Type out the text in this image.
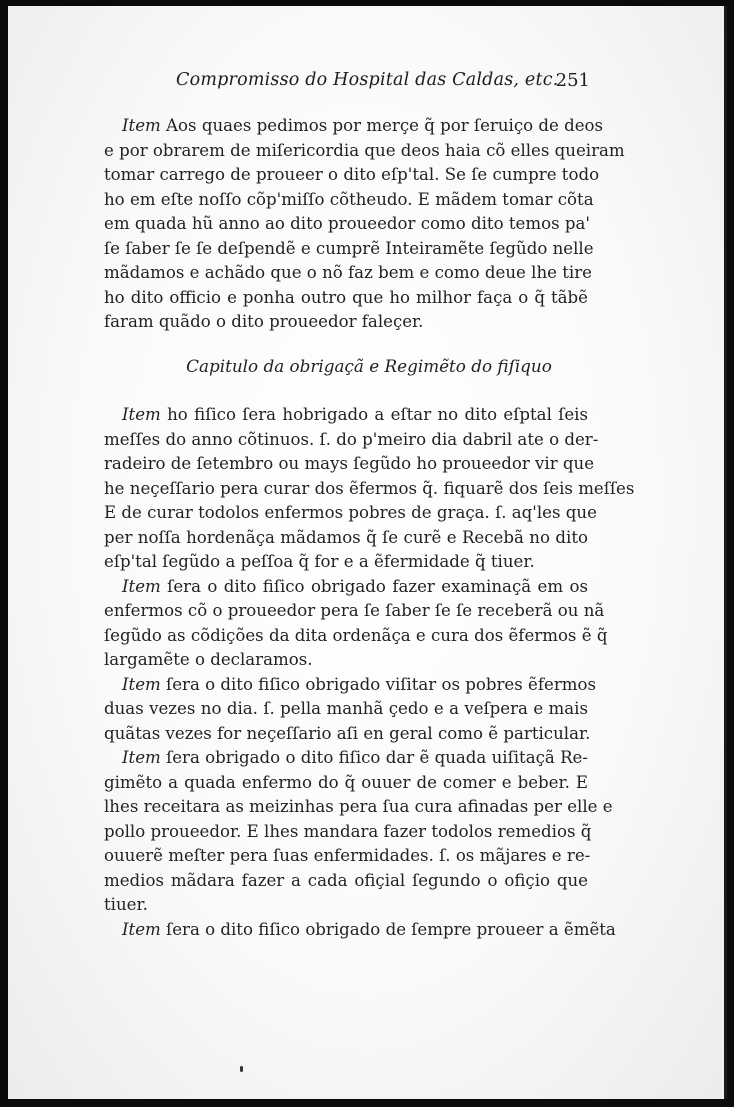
Compromisso do Hospital das Caldas, etc.
251
Item Aos quaes pedimos por merçe q̃ por ſeruiço de deos
e por obrarem de miſericordia que deos haia cõ elles queiram
tomar carrego de proueer o dito eſp'tal. Se ſe cumpre todo
ho em eſte noſſo cõp'miſſo cõtheudo. E mãdem tomar cõta
em quada hũ anno ao dito proueedor como dito temos pa'
ſe ſaber ſe ſe deſpendẽ e cumprẽ Inteiramẽte ſegũdo nelle
mãdamos e achãdo que o nõ faz bem e como deue lhe tire
ho dito officio e ponha outro que ho milhor faça o q̃ tãbẽ
faram quãdo o dito proueedor faleçer.
Capitulo da obrigaçã e Regimẽto do fiſiquo
Item ho fiſico ſera hobrigado a eſtar no dito eſptal ſeis
meſſes do anno cõtinuos. ſ. do p'meiro dia dabril ate o der-
radeiro de ſetembro ou mays ſegũdo ho proueedor vir que
he neçeſſario pera curar dos ẽfermos q̃. fiquarẽ dos ſeis meſſes
E de curar todolos enfermos pobres de graça. ſ. aq'les que
per noſſa hordenãça mãdamos q̃ ſe curẽ e Recebã no dito
eſp'tal ſegũdo a peſſoa q̃ for e a ẽfermidade q̃ tiuer.
Item ſera o dito fiſico obrigado fazer examinaçã em os
enfermos cõ o proueedor pera ſe ſaber ſe ſe receberã ou nã
ſegũdo as cõdições da dita ordenãça e cura dos ẽfermos ẽ q̃
largamẽte o declaramos.
Item ſera o dito fiſico obrigado viſitar os pobres ẽfermos
duas vezes no dia. ſ. pella manhã çedo e a veſpera e mais
quãtas vezes for neçeſſario aſi en geral como ẽ particular.
Item ſera obrigado o dito fiſico dar ẽ quada uiſitaçã Re-
gimẽto a quada enfermo do q̃ ouuer de comer e beber. E
lhes receitara as meizinhas pera ſua cura afinadas per elle e
pollo proueedor. E lhes mandara fazer todolos remedios q̃
ouuerẽ meſter pera ſuas enfermidades. ſ. os mãjares e re-
medios mãdara fazer a cada ofiçial ſegundo o ofiçio que
tiuer.
Item ſera o dito fiſico obrigado de ſempre proueer a ẽmẽta
